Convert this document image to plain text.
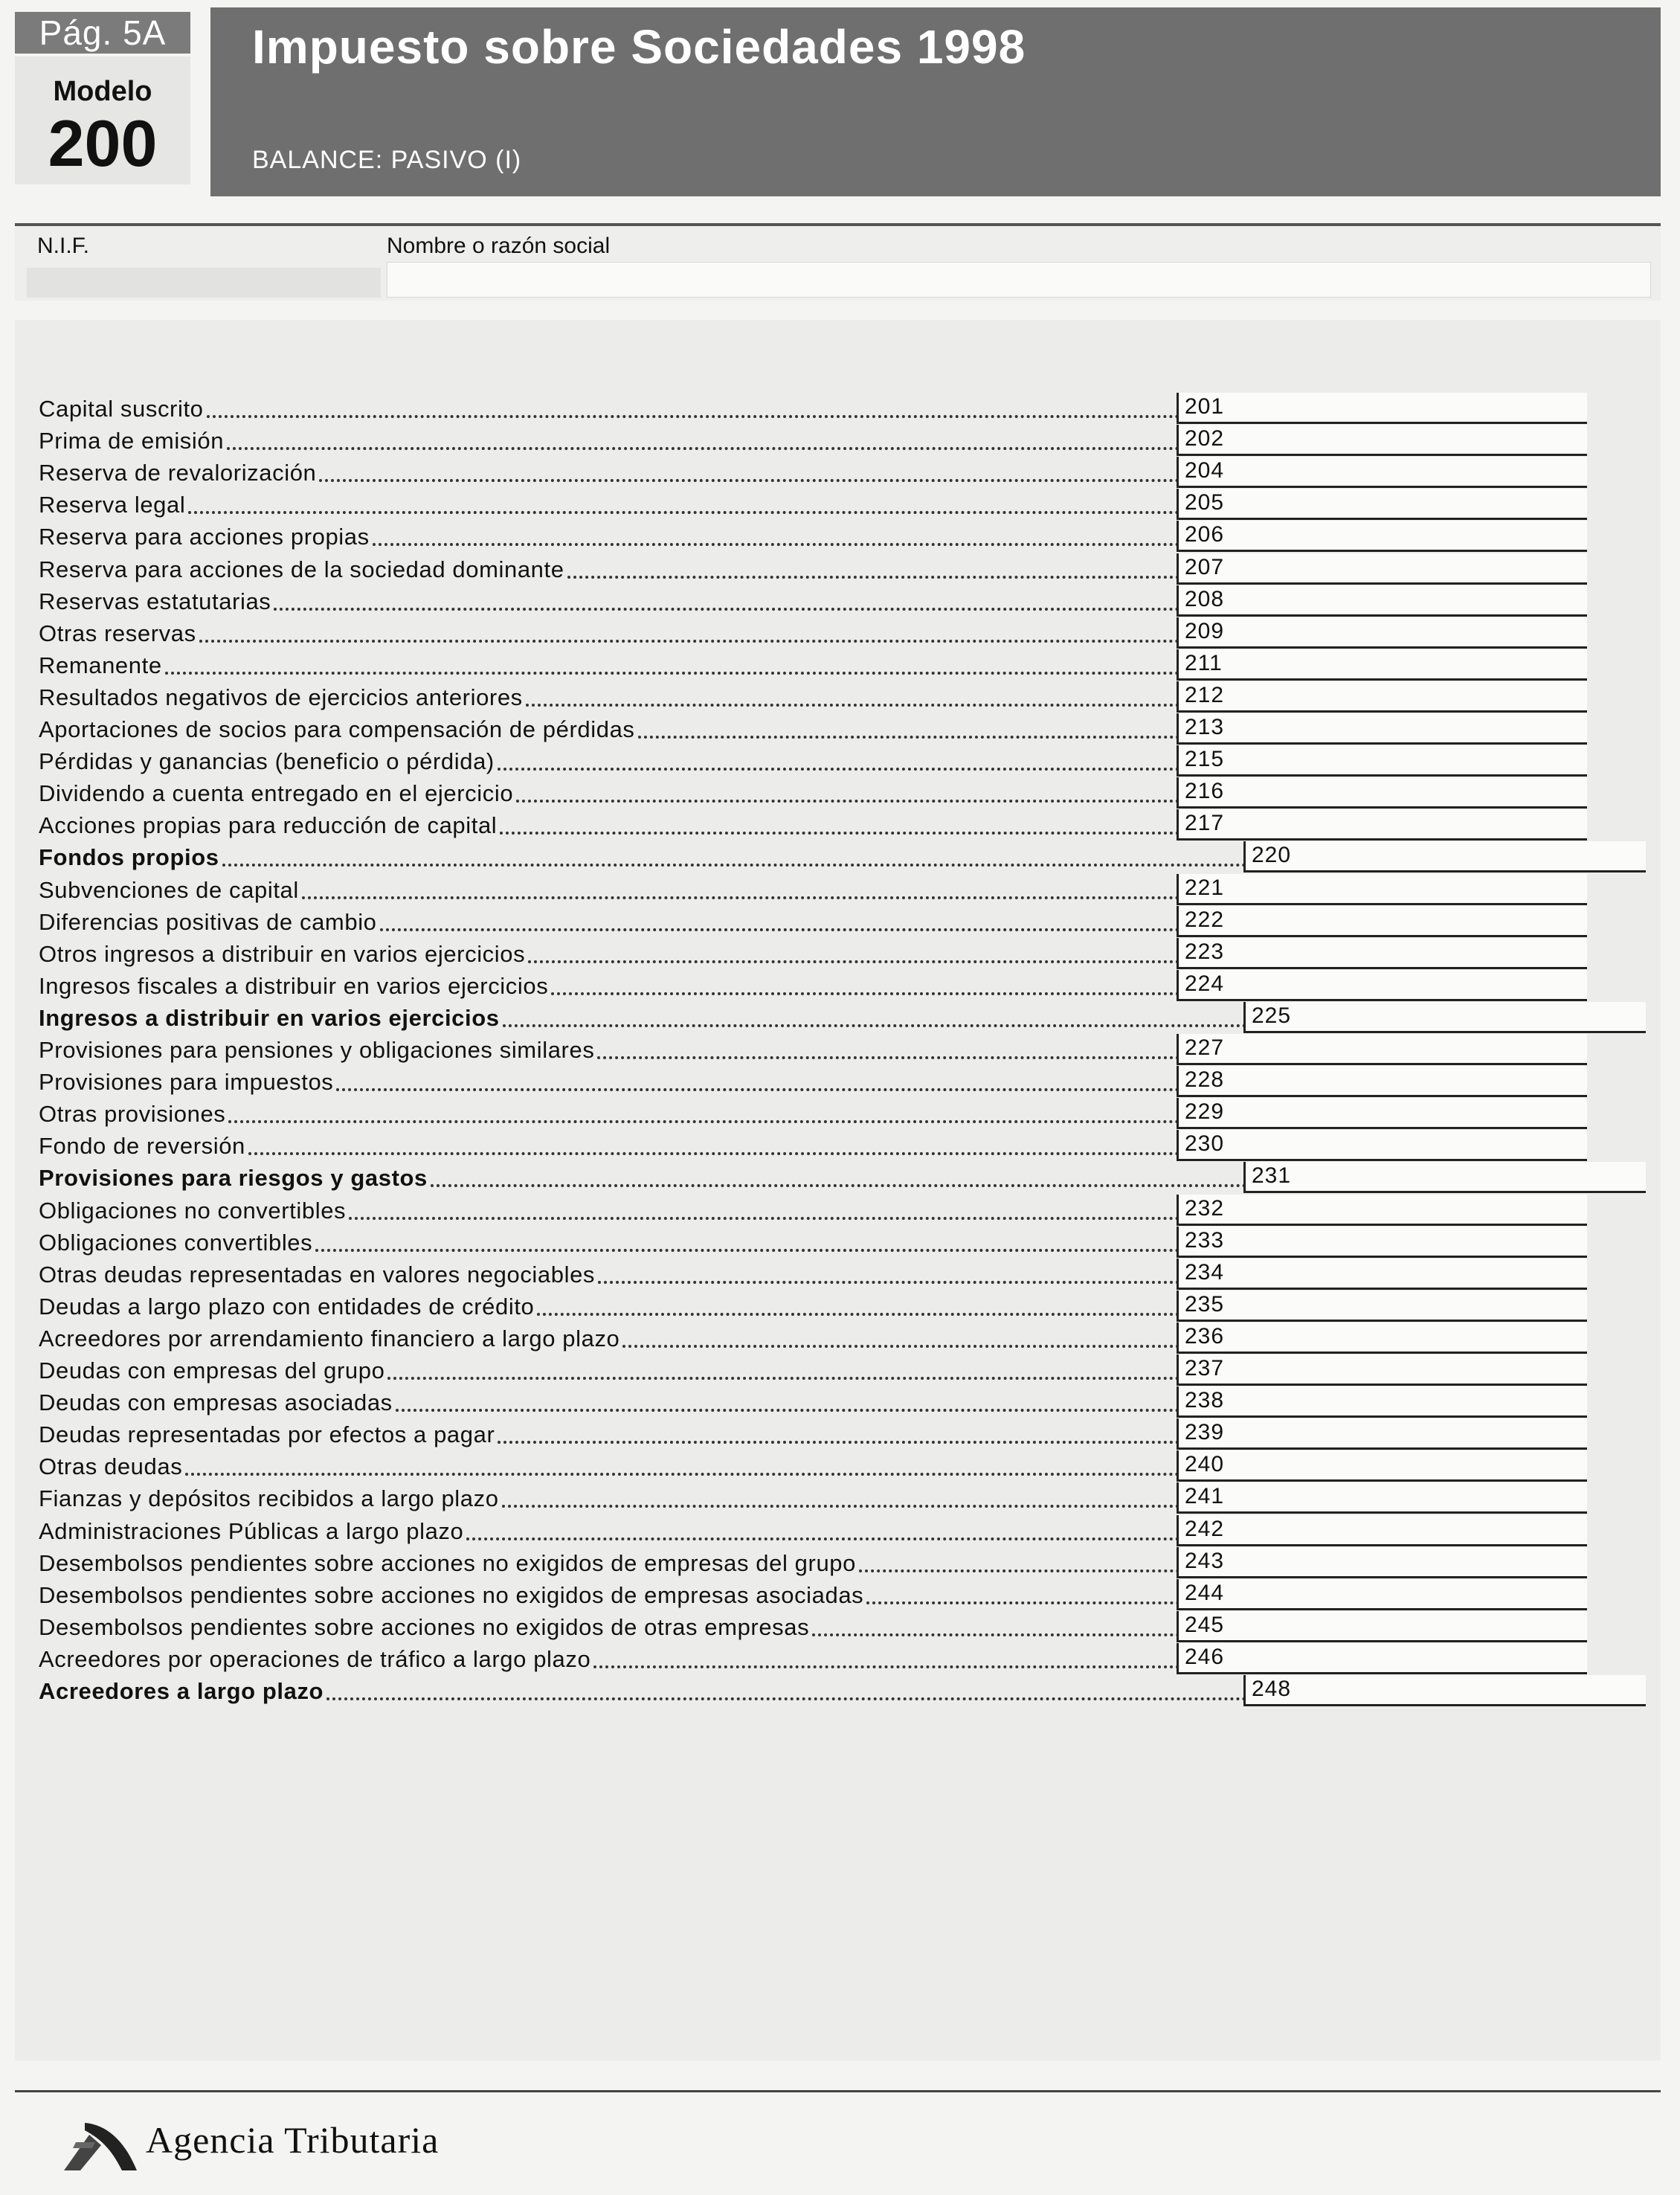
Pág. 5A
Modelo
200
Impuesto sobre Sociedades 1998
BALANCE: PASIVO (I)
N.I.F.	Nombre o razón social
Capital suscrito	201
Prima de emisión	202
Reserva de revalorización	204
Reserva legal	205
Reserva para acciones propias	206
Reserva para acciones de la sociedad dominante	207
Reservas estatutarias	208
Otras reservas	209
Remanente	211
Resultados negativos de ejercicios anteriores	212
Aportaciones de socios para compensación de pérdidas	213
Pérdidas y ganancias (beneficio o pérdida)	215
Dividendo a cuenta entregado en el ejercicio	216
Acciones propias para reducción de capital	217
Fondos propios	220
Subvenciones de capital	221
Diferencias positivas de cambio	222
Otros ingresos a distribuir en varios ejercicios	223
Ingresos fiscales a distribuir en varios ejercicios	224
Ingresos a distribuir en varios ejercicios	225
Provisiones para pensiones y obligaciones similares	227
Provisiones para impuestos	228
Otras provisiones	229
Fondo de reversión	230
Provisiones para riesgos y gastos	231
Obligaciones no convertibles	232
Obligaciones convertibles	233
Otras deudas representadas en valores negociables	234
Deudas a largo plazo con entidades de crédito	235
Acreedores por arrendamiento financiero a largo plazo	236
Deudas con empresas del grupo	237
Deudas con empresas asociadas	238
Deudas representadas por efectos a pagar	239
Otras deudas	240
Fianzas y depósitos recibidos a largo plazo	241
Administraciones Públicas a largo plazo	242
Desembolsos pendientes sobre acciones no exigidos de empresas del grupo	243
Desembolsos pendientes sobre acciones no exigidos de empresas asociadas	244
Desembolsos pendientes sobre acciones no exigidos de otras empresas	245
Acreedores por operaciones de tráfico a largo plazo	246
Acreedores a largo plazo	248
Agencia Tributaria
